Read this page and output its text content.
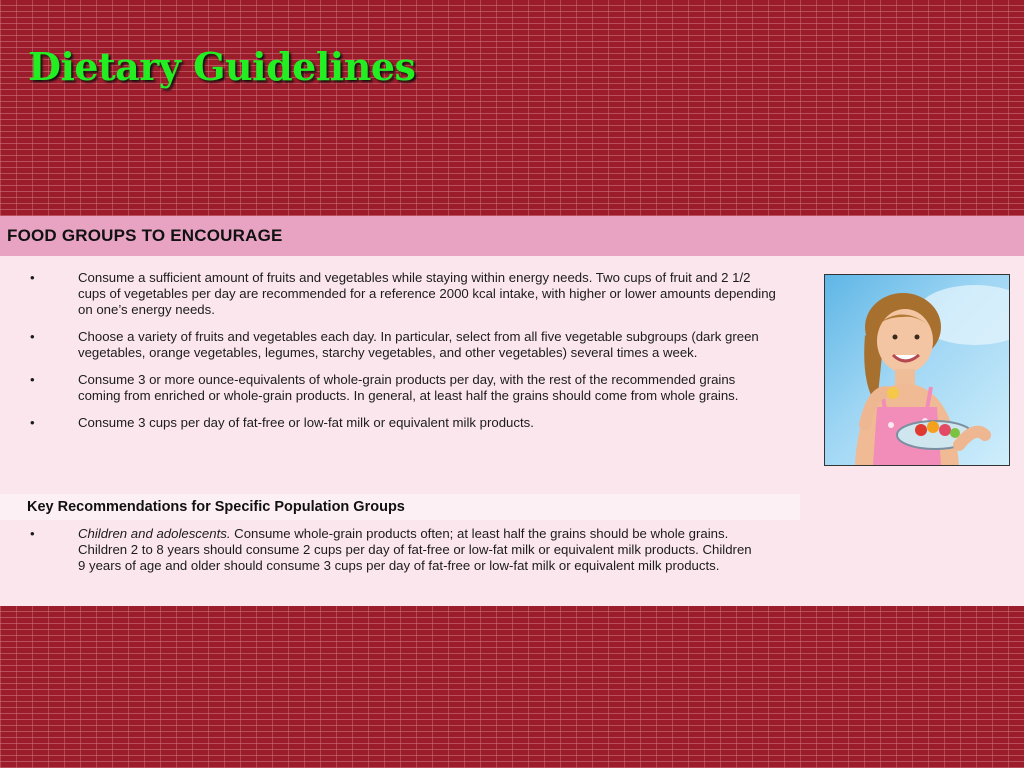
Dietary Guidelines
FOOD GROUPS TO ENCOURAGE
•	Consume a sufficient amount of fruits and vegetables while staying within energy needs. Two cups of fruit and 2 1/2 cups of vegetables per day are recommended for a reference 2000 kcal intake, with higher or lower amounts depending on one’s energy needs.
•	Choose a variety of fruits and vegetables each day. In particular, select from all five vegetable subgroups (dark green vegetables, orange vegetables, legumes, starchy vegetables, and other vegetables) several times a week.
•	Consume 3 or more ounce-equivalents of whole-grain products per day, with the rest of the recommended grains coming from enriched or whole-grain products. In general, at least half the grains should come from whole grains.
•	Consume 3 cups per day of fat-free or low-fat milk or equivalent milk products.
Key Recommendations for Specific Population Groups
•	Children and adolescents. Consume whole-grain products often; at least half the grains should be whole grains. Children 2 to 8 years should consume 2 cups per day of fat-free or low-fat milk or equivalent milk products. Children 9 years of age and older should consume 3 cups per day of fat-free or low-fat milk or equivalent milk products.
